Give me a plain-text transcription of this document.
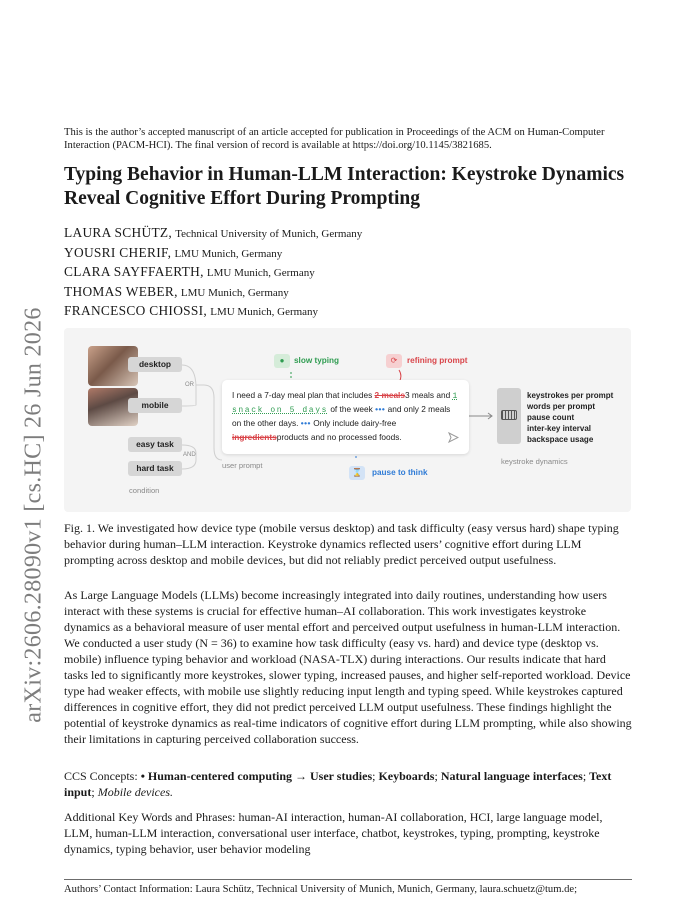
arXiv:2606.28090v1 [cs.HC] 26 Jun 2026

This is the author’s accepted manuscript of an article accepted for publication in Proceedings of the ACM on Human-Computer Interaction (PACM-HCI). The final version of record is available at https://doi.org/10.1145/3821685.

Typing Behavior in Human-LLM Interaction: Keystroke Dynamics Reveal Cognitive Effort During Prompting
LAURA SCHÜTZ, Technical University of Munich, Germany
YOUSRI CHERIF, LMU Munich, Germany
CLARA SAYFFAERTH, LMU Munich, Germany
THOMAS WEBER, LMU Munich, Germany
FRANCESCO CHIOSSI, LMU Munich, Germany
desktop
OR
mobile
easy task
AND
hard task
condition
●	slow typing	⟳	refining prompt
I need a 7-day meal plan that includes 2 meals3 meals and 1 snack on 5 days of the week ••• and only 2 meals on the other days. ••• Only include dairy-free ingredientsproducts and no processed foods.
user prompt
⌛	pause to think
keystrokes per prompt
words per prompt
pause count
inter-key interval
backspace usage
keystroke dynamics

Fig. 1. We investigated how device type (mobile versus desktop) and task difficulty (easy versus hard) shape typing behavior during human–LLM interaction. Keystroke dynamics reflected users’ cognitive effort during LLM prompting across desktop and mobile devices, but did not reliably predict perceived output usefulness.

As Large Language Models (LLMs) become increasingly integrated into daily routines, understanding how users interact with these systems is crucial for effective human–AI collaboration. This work investigates keystroke dynamics as a behavioral measure of user mental effort and perceived output usefulness in human-LLM interaction. We conducted a user study (N = 36) to examine how task difficulty (easy vs. hard) and device type (desktop vs. mobile) influence typing behavior and workload (NASA-TLX) during interactions. Our results indicate that hard tasks led to significantly more keystrokes, slower typing, increased pauses, and higher self-reported workload. Device type had weaker effects, with mobile use slightly reducing input length and typing speed. While keystrokes captured differences in cognitive effort, they did not predict perceived LLM output usefulness. These findings highlight the potential of keystroke dynamics as real-time indicators of cognitive effort during LLM prompting, while also showing their limitations in capturing perceived collaboration success.

CCS Concepts: • Human-centered computing → User studies; Keyboards; Natural language interfaces; Text input; Mobile devices.

Additional Key Words and Phrases: human-AI interaction, human-AI collaboration, HCI, large language model, LLM, human-LLM interaction, conversational user interface, chatbot, keystrokes, typing, prompting, keystroke dynamics, typing behavior, user behavior modeling

Authors’ Contact Information: Laura Schütz, Technical University of Munich, Munich, Germany, laura.schuetz@tum.de;
